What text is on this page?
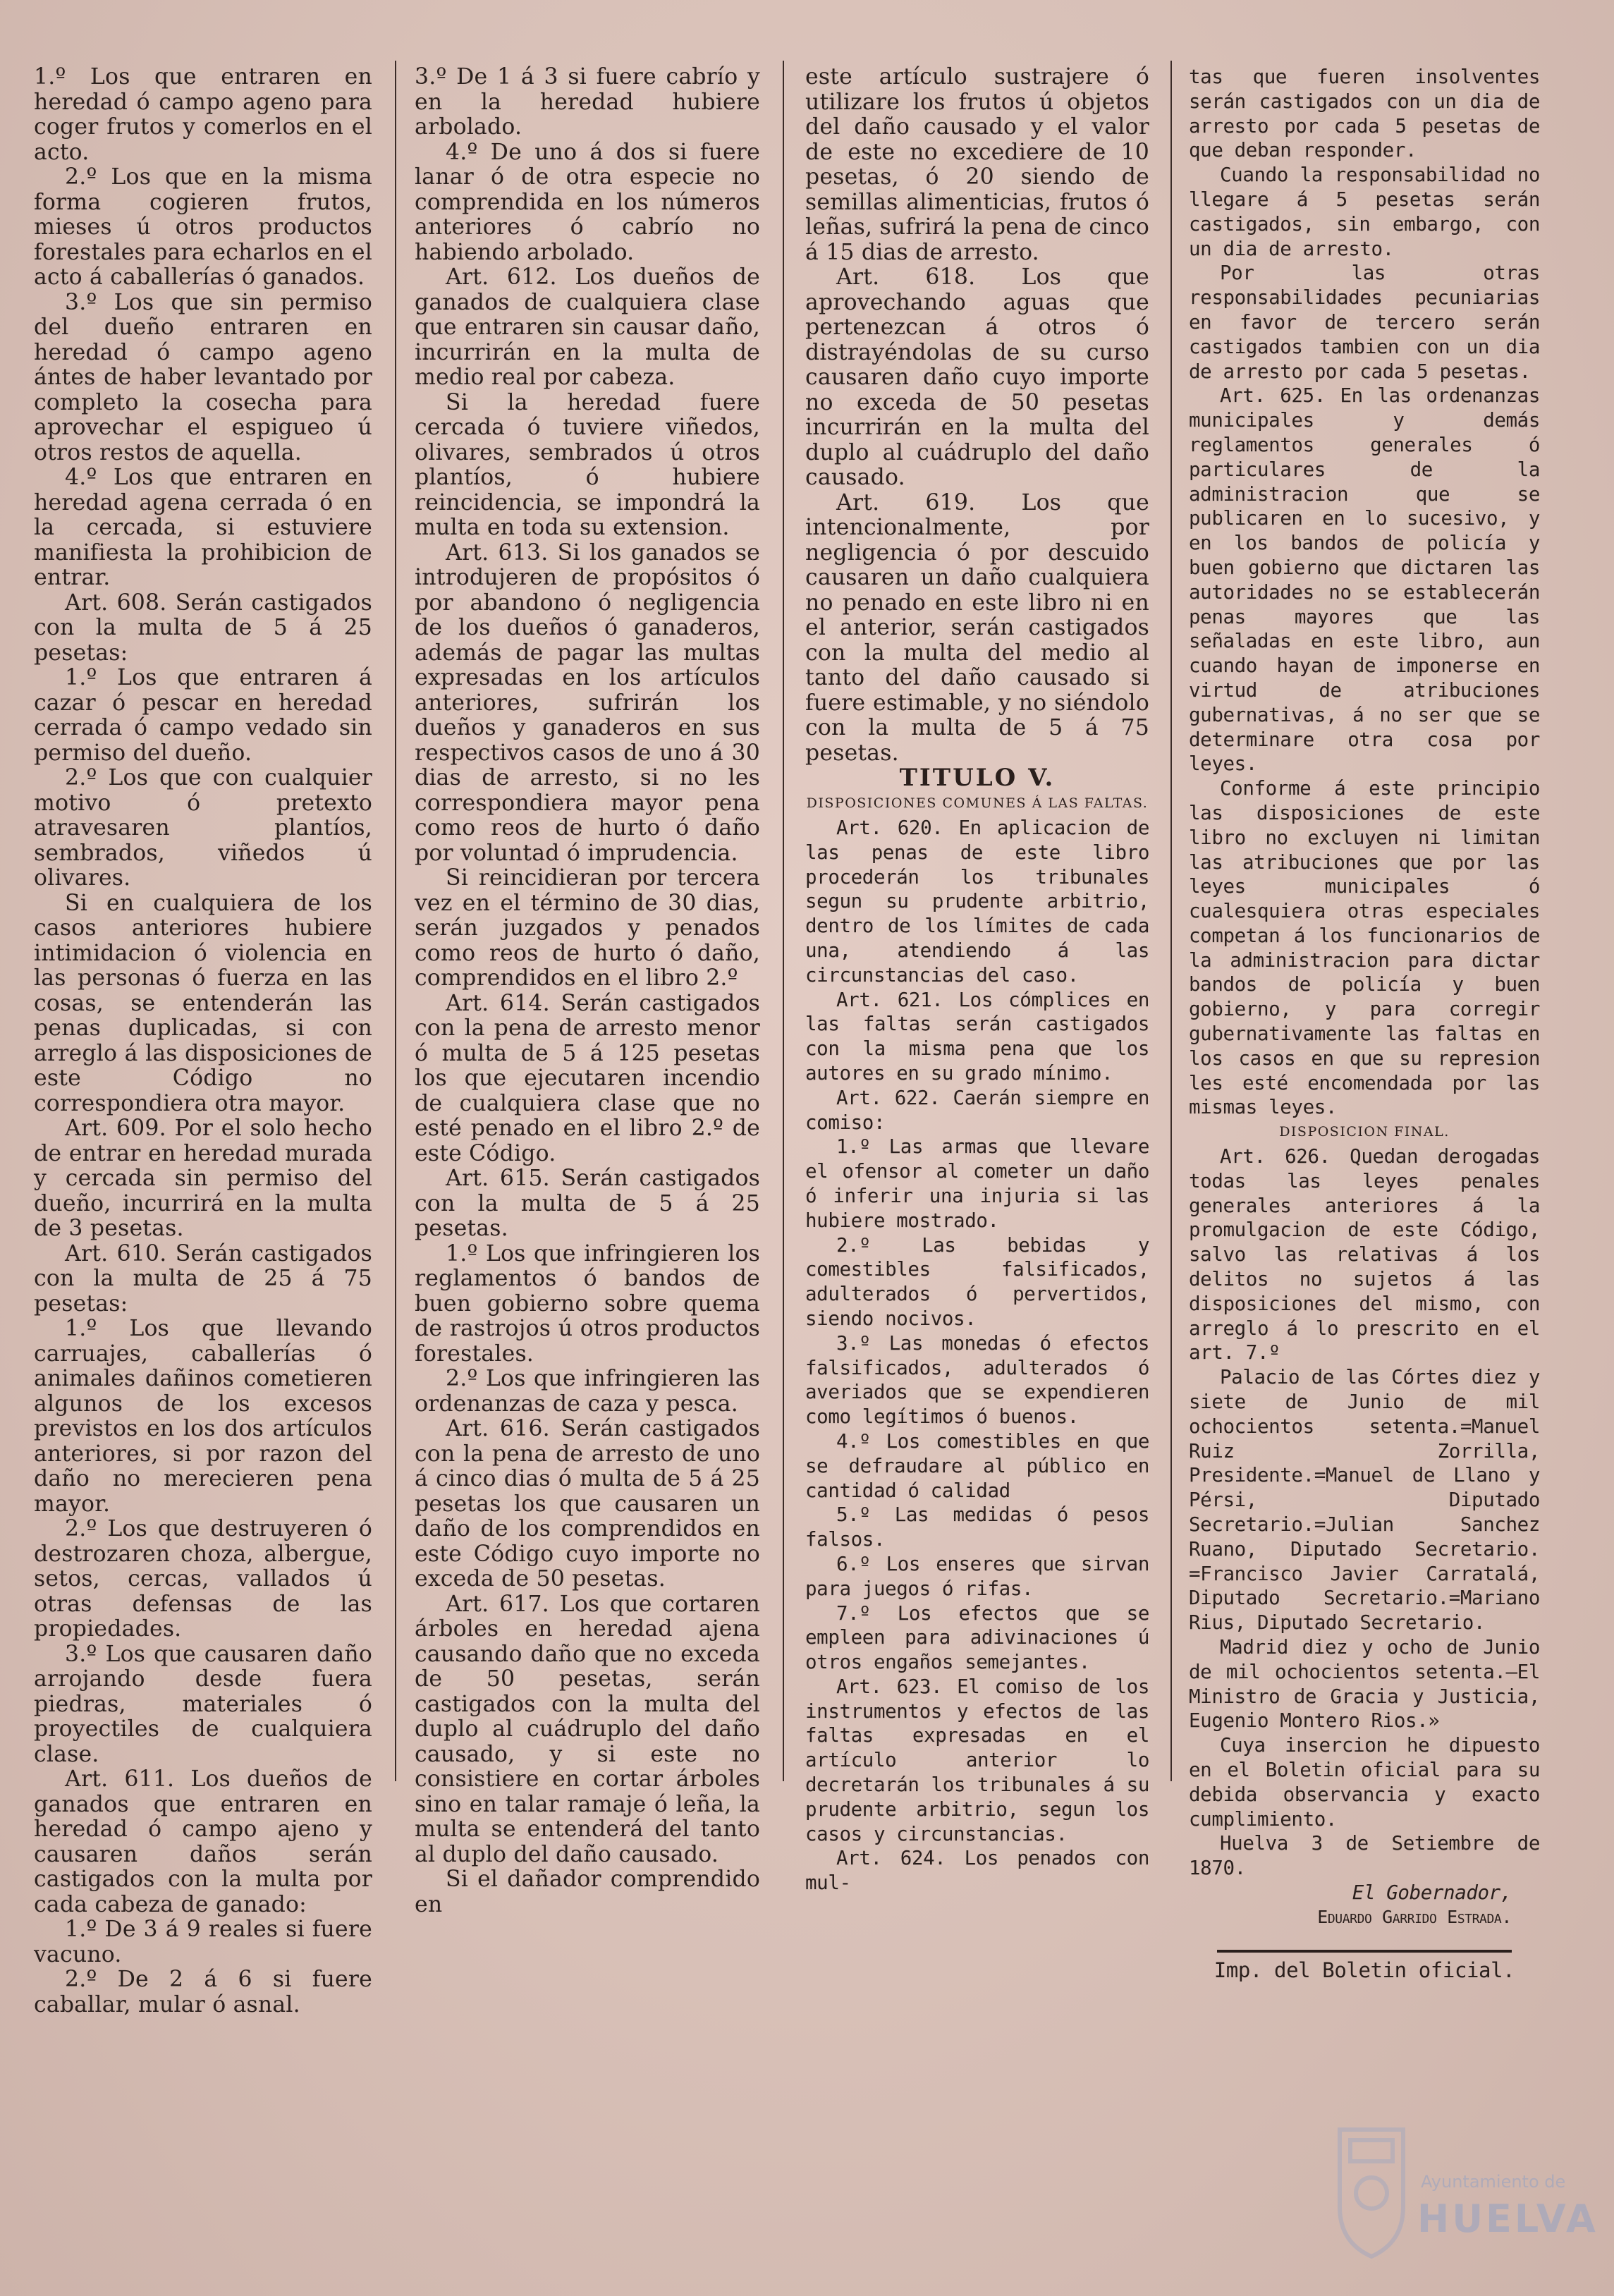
1.º Los que entraren en heredad ó campo ageno para coger frutos y comerlos en el acto.

2.º Los que en la misma forma cogieren frutos, mieses ú otros productos forestales para echarlos en el acto á caballerías ó ganados.

3.º Los que sin permiso del dueño entraren en heredad ó campo ageno ántes de haber levantado por completo la cosecha para aprovechar el espigueo ú otros restos de aquella.

4.º Los que entraren en heredad agena cerrada ó en la cercada, si estuviere manifiesta la prohibicion de entrar.

Art. 608. Serán castigados con la multa de 5 á 25 pesetas:

1.º Los que entraren á cazar ó pescar en heredad cerrada ó campo vedado sin permiso del dueño.

2.º Los que con cualquier motivo ó pretexto atravesaren plantíos, sembrados, viñedos ú olivares.

Si en cualquiera de los casos anteriores hubiere intimidacion ó violencia en las personas ó fuerza en las cosas, se entenderán las penas duplicadas, si con arreglo á las disposiciones de este Código no correspondiera otra mayor.

Art. 609. Por el solo hecho de entrar en heredad murada y cercada sin permiso del dueño, incurrirá en la multa de 3 pesetas.

Art. 610. Serán castigados con la multa de 25 á 75 pesetas:

1.º Los que llevando carruajes, caballerías ó animales dañinos cometieren algunos de los excesos previstos en los dos artículos anteriores, si por razon del daño no merecieren pena mayor.

2.º Los que destruyeren ó destrozaren choza, albergue, setos, cercas, vallados ú otras defensas de las propiedades.

3.º Los que causaren daño arrojando desde fuera piedras, materiales ó proyectiles de cualquiera clase.

Art. 611. Los dueños de ganados que entraren en heredad ó campo ajeno y causaren daños serán castigados con la multa por cada cabeza de ganado:

1.º De 3 á 9 reales si fuere vacuno.

2.º De 2 á 6 si fuere caballar, mular ó asnal.

3.º De 1 á 3 si fuere cabrío y en la heredad hubiere arbolado.

4.º De uno á dos si fuere lanar ó de otra especie no comprendida en los números anteriores ó cabrío no habiendo arbolado.

Art. 612. Los dueños de ganados de cualquiera clase que entraren sin causar daño, incurrirán en la multa de medio real por cabeza.

Si la heredad fuere cercada ó tuviere viñedos, olivares, sembrados ú otros plantíos, ó hubiere reincidencia, se impondrá la multa en toda su extension.

Art. 613. Si los ganados se introdujeren de propósitos ó por abandono ó negligencia de los dueños ó ganaderos, además de pagar las multas expresadas en los artículos anteriores, sufrirán los dueños y ganaderos en sus respectivos casos de uno á 30 dias de arresto, si no les correspondiera mayor pena como reos de hurto ó daño por voluntad ó imprudencia.

Si reincidieran por tercera vez en el término de 30 dias, serán juzgados y penados como reos de hurto ó daño, comprendidos en el libro 2.º

Art. 614. Serán castigados con la pena de arresto menor ó multa de 5 á 125 pesetas los que ejecutaren incendio de cualquiera clase que no esté penado en el libro 2.º de este Código.

Art. 615. Serán castigados con la multa de 5 á 25 pesetas.

1.º Los que infringieren los reglamentos ó bandos de buen gobierno sobre quema de rastrojos ú otros productos forestales.

2.º Los que infringieren las ordenanzas de caza y pesca.

Art. 616. Serán castigados con la pena de arresto de uno á cinco dias ó multa de 5 á 25 pesetas los que causaren un daño de los comprendidos en este Código cuyo importe no exceda de 50 pesetas.

Art. 617. Los que cortaren árboles en heredad ajena causando daño que no exceda de 50 pesetas, serán castigados con la multa del duplo al cuádruplo del daño causado, y si este no consistiere en cortar árboles sino en talar ramaje ó leña, la multa se entenderá del tanto al duplo del daño causado.

Si el dañador comprendido en

este artículo sustrajere ó utilizare los frutos ú objetos del daño causado y el valor de este no excediere de 10 pesetas, ó 20 siendo de semillas alimenticias, frutos ó leñas, sufrirá la pena de cinco á 15 dias de arresto.

Art. 618. Los que aprovechando aguas que pertenezcan á otros ó distrayéndolas de su curso causaren daño cuyo importe no exceda de 50 pesetas incurrirán en la multa del duplo al cuádruplo del daño causado.

Art. 619. Los que intencionalmente, por negligencia ó por descuido causaren un daño cualquiera no penado en este libro ni en el anterior, serán castigados con la multa del medio al tanto del daño causado si fuere estimable, y no siéndolo con la multa de 5 á 75 pesetas.

TITULO V.

DISPOSICIONES COMUNES Á LAS FALTAS.

Art. 620. En aplicacion de las penas de este libro procederán los tribunales segun su prudente arbitrio, dentro de los límites de cada una, atendiendo á las circunstancias del caso.

Art. 621. Los cómplices en las faltas serán castigados con la misma pena que los autores en su grado mínimo.

Art. 622. Caerán siempre en comiso:

1.º Las armas que llevare el ofensor al cometer un daño ó inferir una injuria si las hubiere mostrado.

2.º Las bebidas y comestibles falsificados, adulterados ó pervertidos, siendo nocivos.

3.º Las monedas ó efectos falsificados, adulterados ó averiados que se expendieren como legítimos ó buenos.

4.º Los comestibles en que se defraudare al público en cantidad ó calidad

5.º Las medidas ó pesos falsos.

6.º Los enseres que sirvan para juegos ó rifas.

7.º Los efectos que se empleen para adivinaciones ú otros engaños semejantes.

Art. 623. El comiso de los instrumentos y efectos de las faltas expresadas en el artículo anterior lo decretarán los tribunales á su prudente arbitrio, segun los casos y circunstancias.

Art. 624. Los penados con mul-

tas que fueren insolventes serán castigados con un dia de arresto por cada 5 pesetas de que deban responder.

Cuando la responsabilidad no llegare á 5 pesetas serán castigados, sin embargo, con un dia de arresto.

Por las otras responsabilidades pecuniarias en favor de tercero serán castigados tambien con un dia de arresto por cada 5 pesetas.

Art. 625. En las ordenanzas municipales y demás reglamentos generales ó particulares de la administracion que se publicaren en lo sucesivo, y en los bandos de policía y buen gobierno que dictaren las autoridades no se establecerán penas mayores que las señaladas en este libro, aun cuando hayan de imponerse en virtud de atribuciones gubernativas, á no ser que se determinare otra cosa por leyes.

Conforme á este principio las disposiciones de este libro no excluyen ni limitan las atribuciones que por las leyes municipales ó cualesquiera otras especiales competan á los funcionarios de la administracion para dictar bandos de policía y buen gobierno, y para corregir gubernativamente las faltas en los casos en que su represion les esté encomendada por las mismas leyes.

DISPOSICION FINAL.

Art. 626. Quedan derogadas todas las leyes penales generales anteriores á la promulgacion de este Código, salvo las relativas á los delitos no sujetos á las disposiciones del mismo, con arreglo á lo prescrito en el art. 7.º

Palacio de las Córtes diez y siete de Junio de mil ochocientos setenta.=Manuel Ruiz Zorrilla, Presidente.=Manuel de Llano y Pérsi, Diputado Secretario.=Julian Sanchez Ruano, Diputado Secretario. =Francisco Javier Carratalá, Diputado Secretario.=Mariano Rius, Diputado Secretario.

Madrid diez y ocho de Junio de mil ochocientos setenta.—El Ministro de Gracia y Justicia, Eugenio Montero Rios.»

Cuya insercion he dipuesto en el Boletin oficial para su debida observancia y exacto cumplimiento.

Huelva 3 de Setiembre de 1870.

El Gobernador,

Eduardo Garrido Estrada.

Imp. del Boletin oficial.

Ayuntamiento de
HUELVA
